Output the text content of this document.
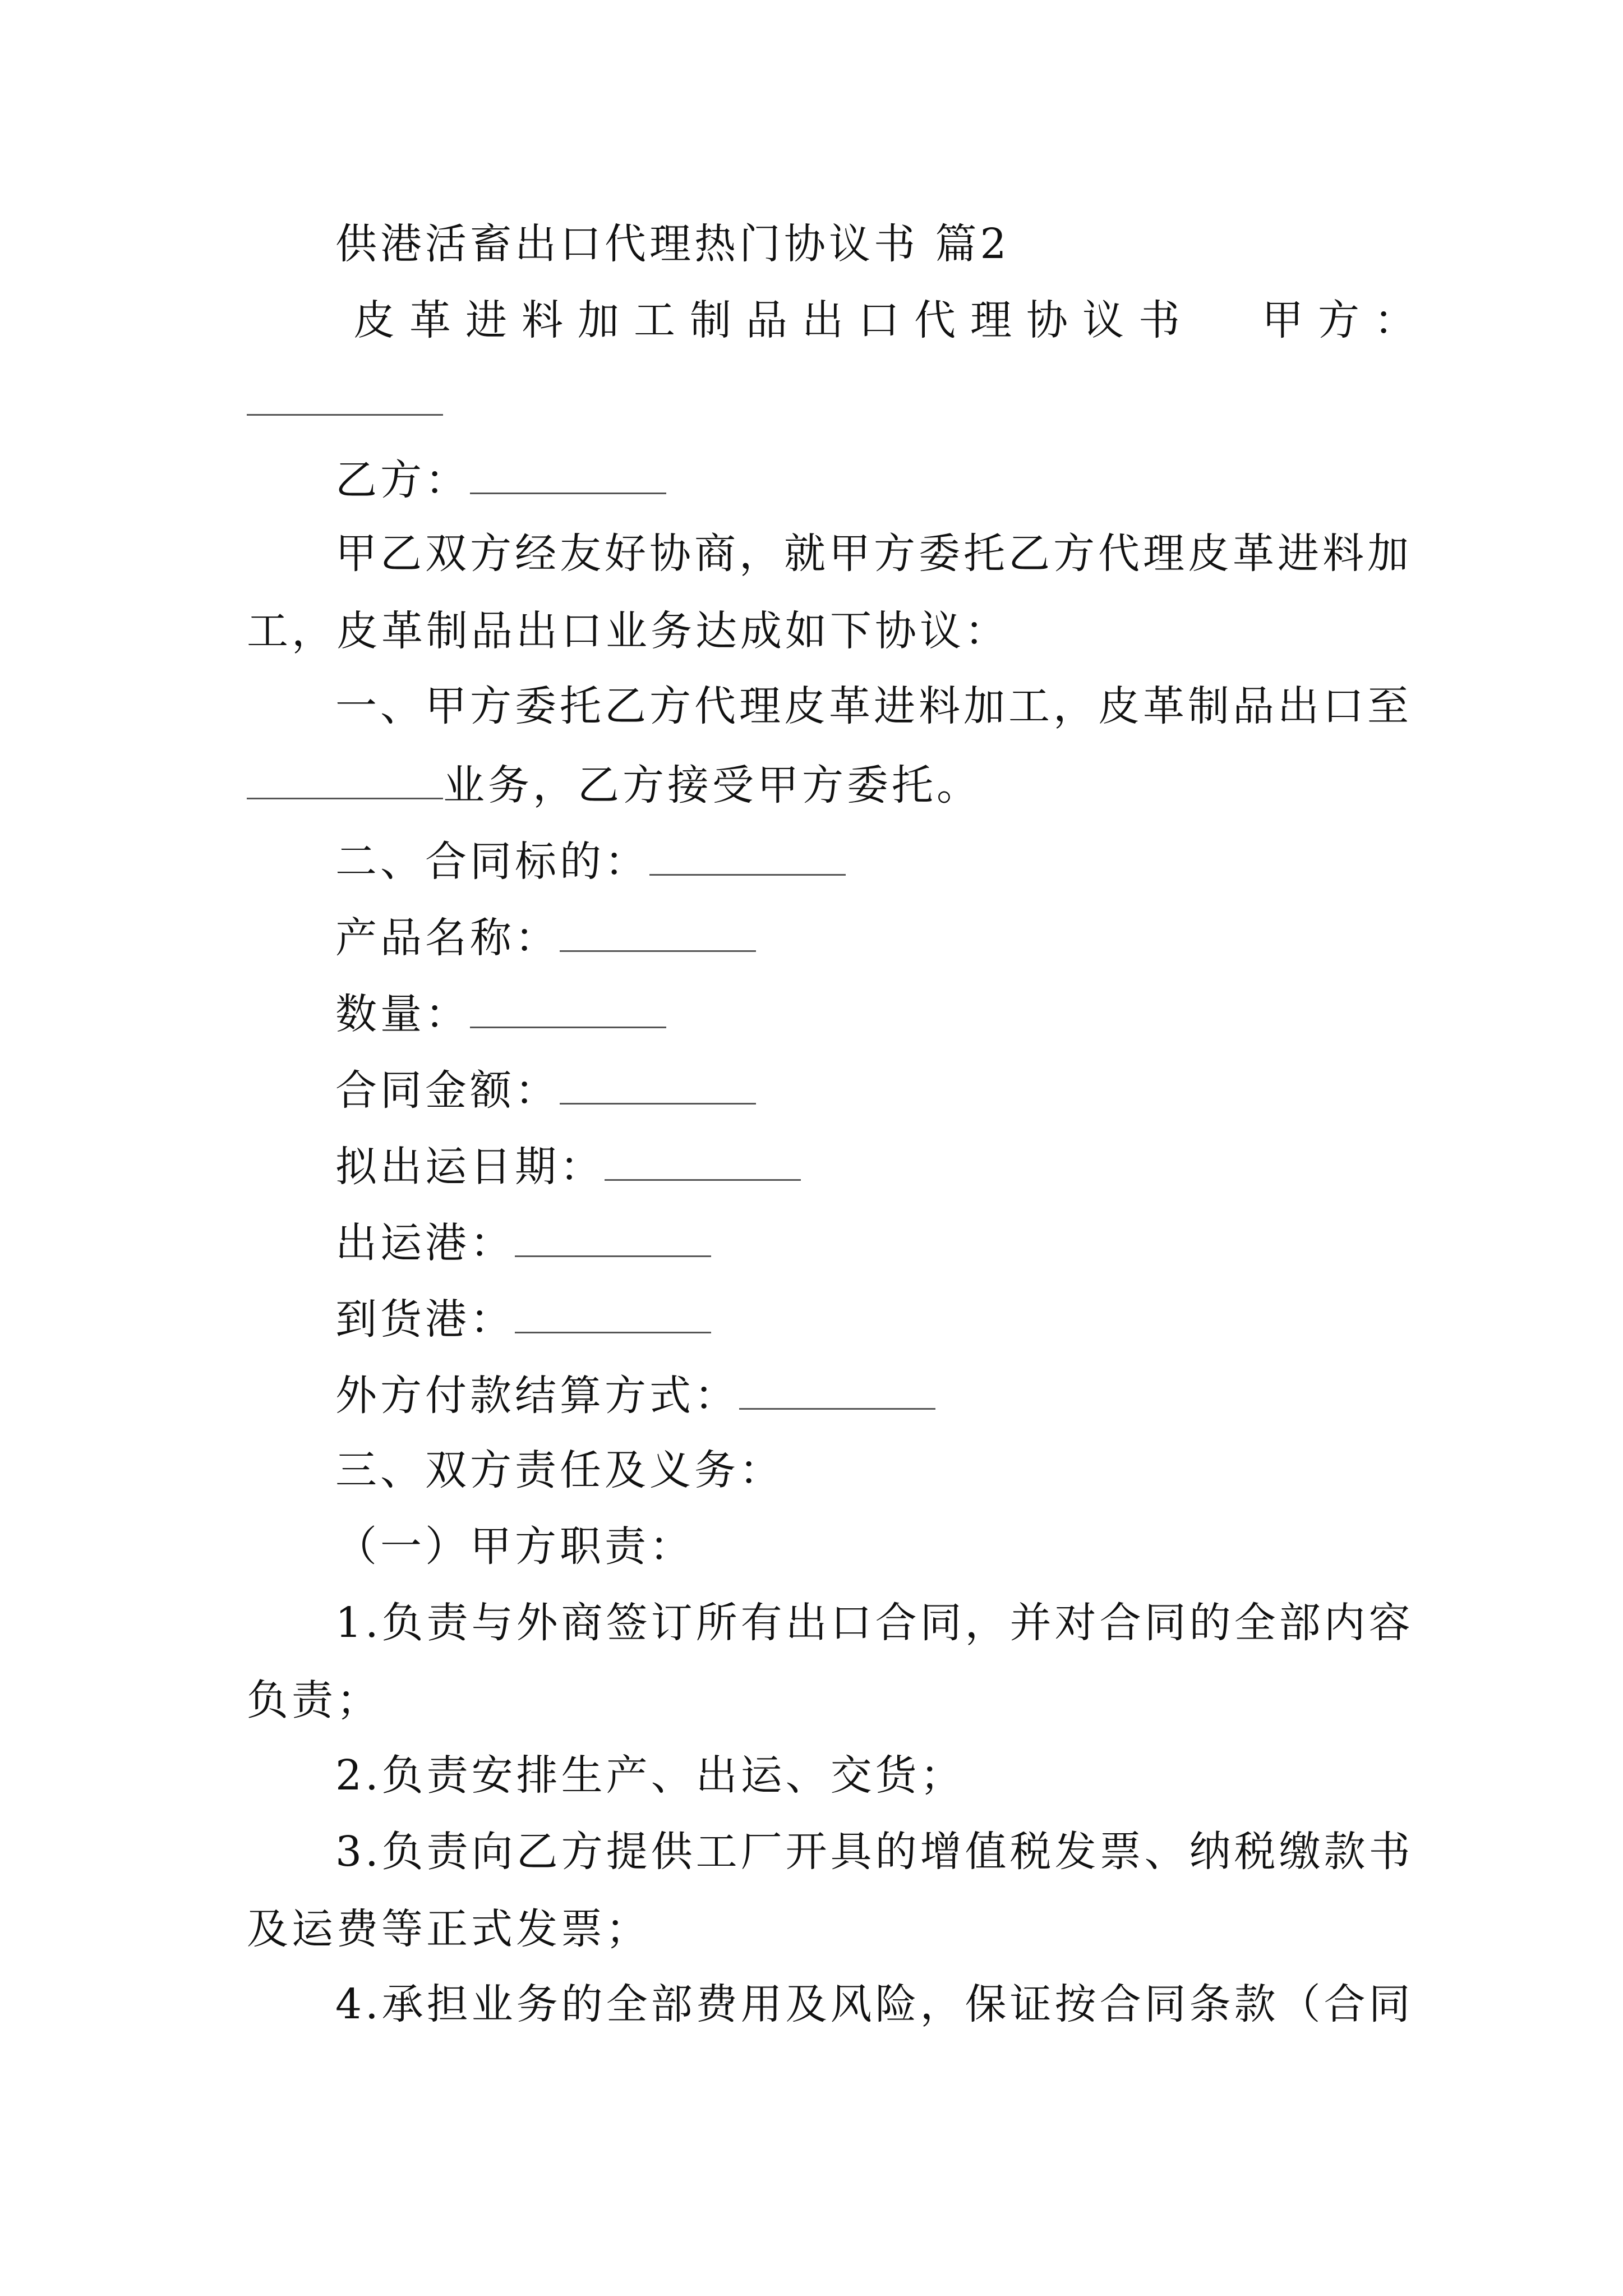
供港活畜出口代理热门协议书 篇2
皮革进料加工制品出口代理协议书 甲方：
乙方：
甲乙双方经友好协商，就甲方委托乙方代理皮革进料加
工，皮革制品出口业务达成如下协议：
一、甲方委托乙方代理皮革进料加工，皮革制品出口至
业务，乙方接受甲方委托。
二、合同标的：
产品名称：
数量：
合同金额：
拟出运日期：
出运港：
到货港：
外方付款结算方式：
三、双方责任及义务：
（一）甲方职责：
1.负责与外商签订所有出口合同，并对合同的全部内容
负责；
2.负责安排生产、出运、交货；
3.负责向乙方提供工厂开具的增值税发票、纳税缴款书
及运费等正式发票；
4.承担业务的全部费用及风险，保证按合同条款（合同
